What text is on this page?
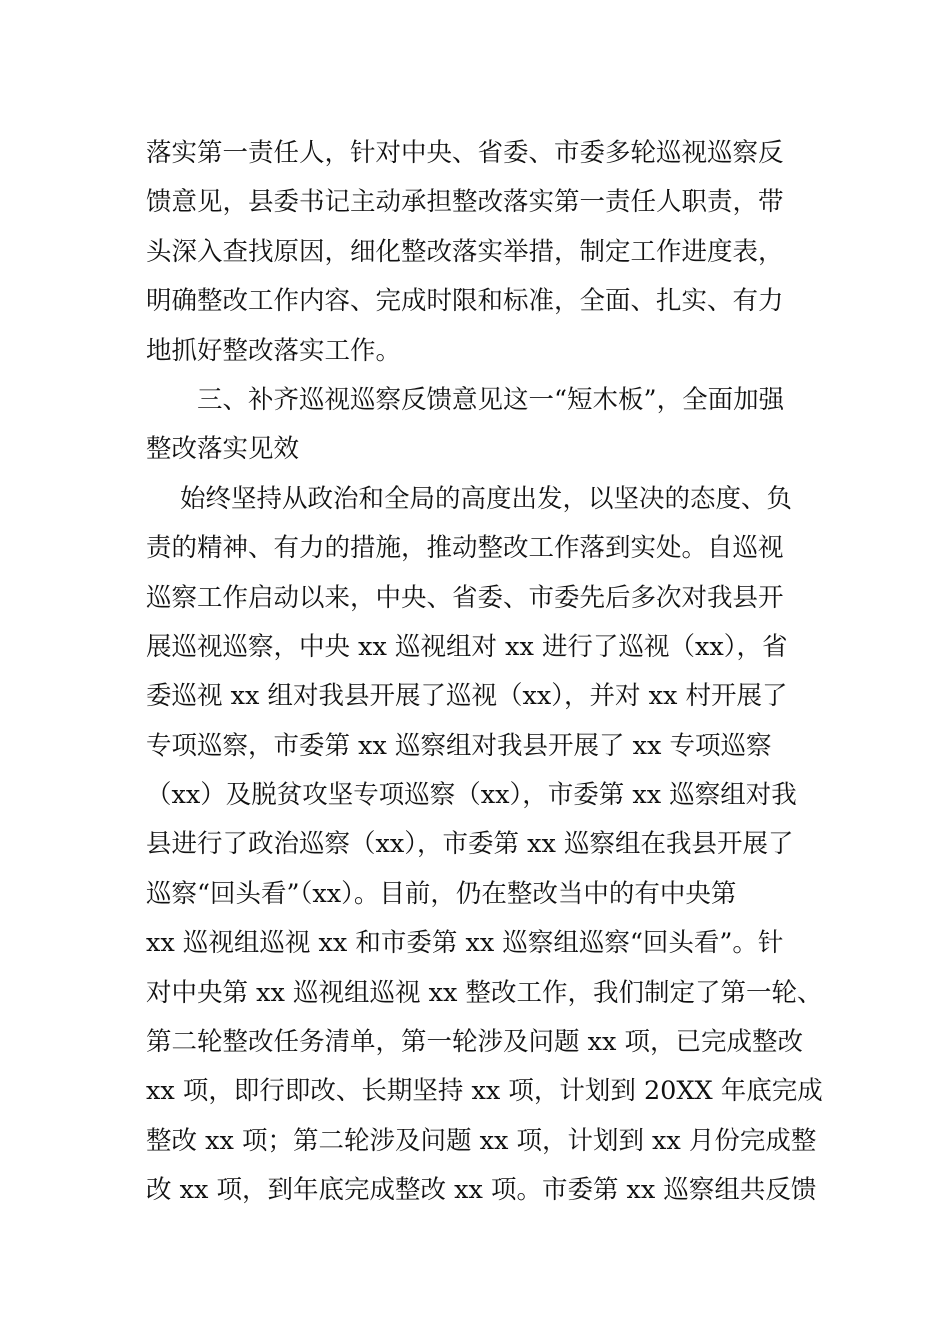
落实第一责任人，针对中央、省委、市委多轮巡视巡察反
馈意见，县委书记主动承担整改落实第一责任人职责，带
头深入查找原因，细化整改落实举措，制定工作进度表，
明确整改工作内容、完成时限和标准，全面、扎实、有力
地抓好整改落实工作。
三、补齐巡视巡察反馈意见这一“短木板”，全面加强
整改落实见效
始终坚持从政治和全局的高度出发，以坚决的态度、负
责的精神、有力的措施，推动整改工作落到实处。自巡视
巡察工作启动以来，中央、省委、市委先后多次对我县开
展巡视巡察，中央 xx 巡视组对 xx 进行了巡视（xx），省
委巡视 xx 组对我县开展了巡视（xx），并对 xx 村开展了
专项巡察，市委第 xx 巡察组对我县开展了 xx 专项巡察
（xx）及脱贫攻坚专项巡察（xx），市委第 xx 巡察组对我
县进行了政治巡察（xx），市委第 xx 巡察组在我县开展了
巡察“回头看”（xx）。目前，仍在整改当中的有中央第
xx 巡视组巡视 xx 和市委第 xx 巡察组巡察“回头看”。针
对中央第 xx 巡视组巡视 xx 整改工作，我们制定了第一轮、
第二轮整改任务清单，第一轮涉及问题 xx 项，已完成整改
xx 项，即行即改、长期坚持 xx 项，计划到 20XX 年底完成
整改 xx 项；第二轮涉及问题 xx 项，计划到 xx 月份完成整
改 xx 项，到年底完成整改 xx 项。市委第 xx 巡察组共反馈
